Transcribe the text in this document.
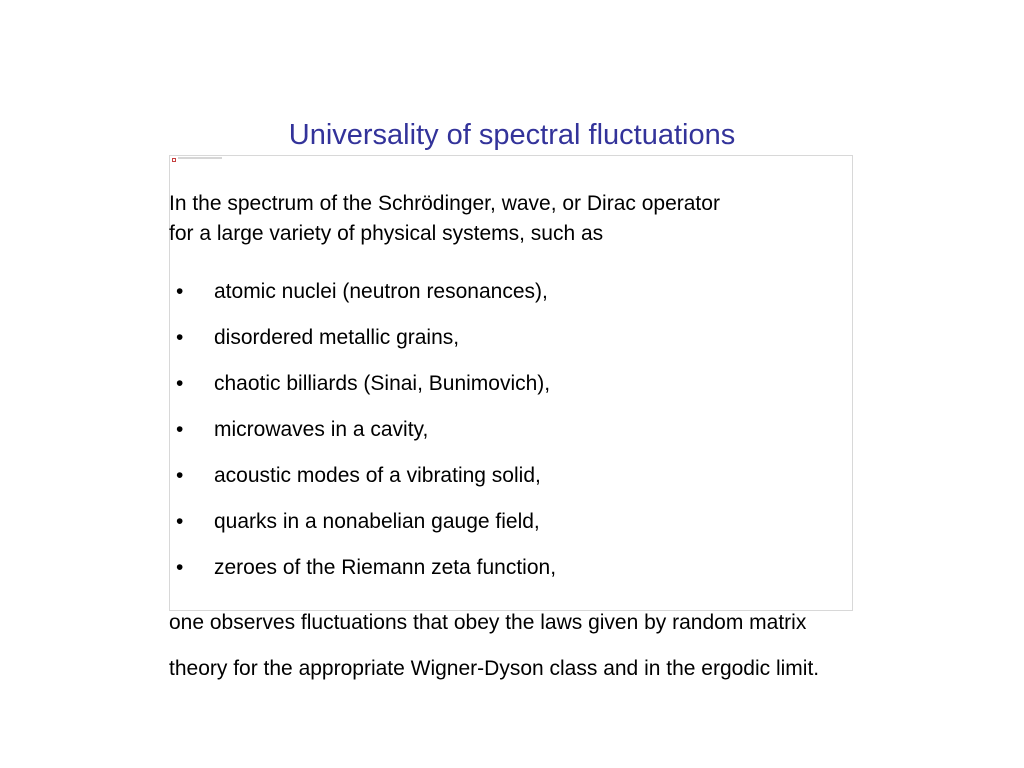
Universality of spectral fluctuations

In the spectrum of the Schrödinger, wave, or Dirac operator
for a large variety of physical systems, such as

• atomic nuclei (neutron resonances),
• disordered metallic grains,
• chaotic billiards (Sinai, Bunimovich),
• microwaves in a cavity,
• acoustic modes of a vibrating solid,
• quarks in a nonabelian gauge field,
• zeroes of the Riemann zeta function,

one observes fluctuations that obey the laws given by random matrix
theory for the appropriate Wigner-Dyson class and in the ergodic limit.
